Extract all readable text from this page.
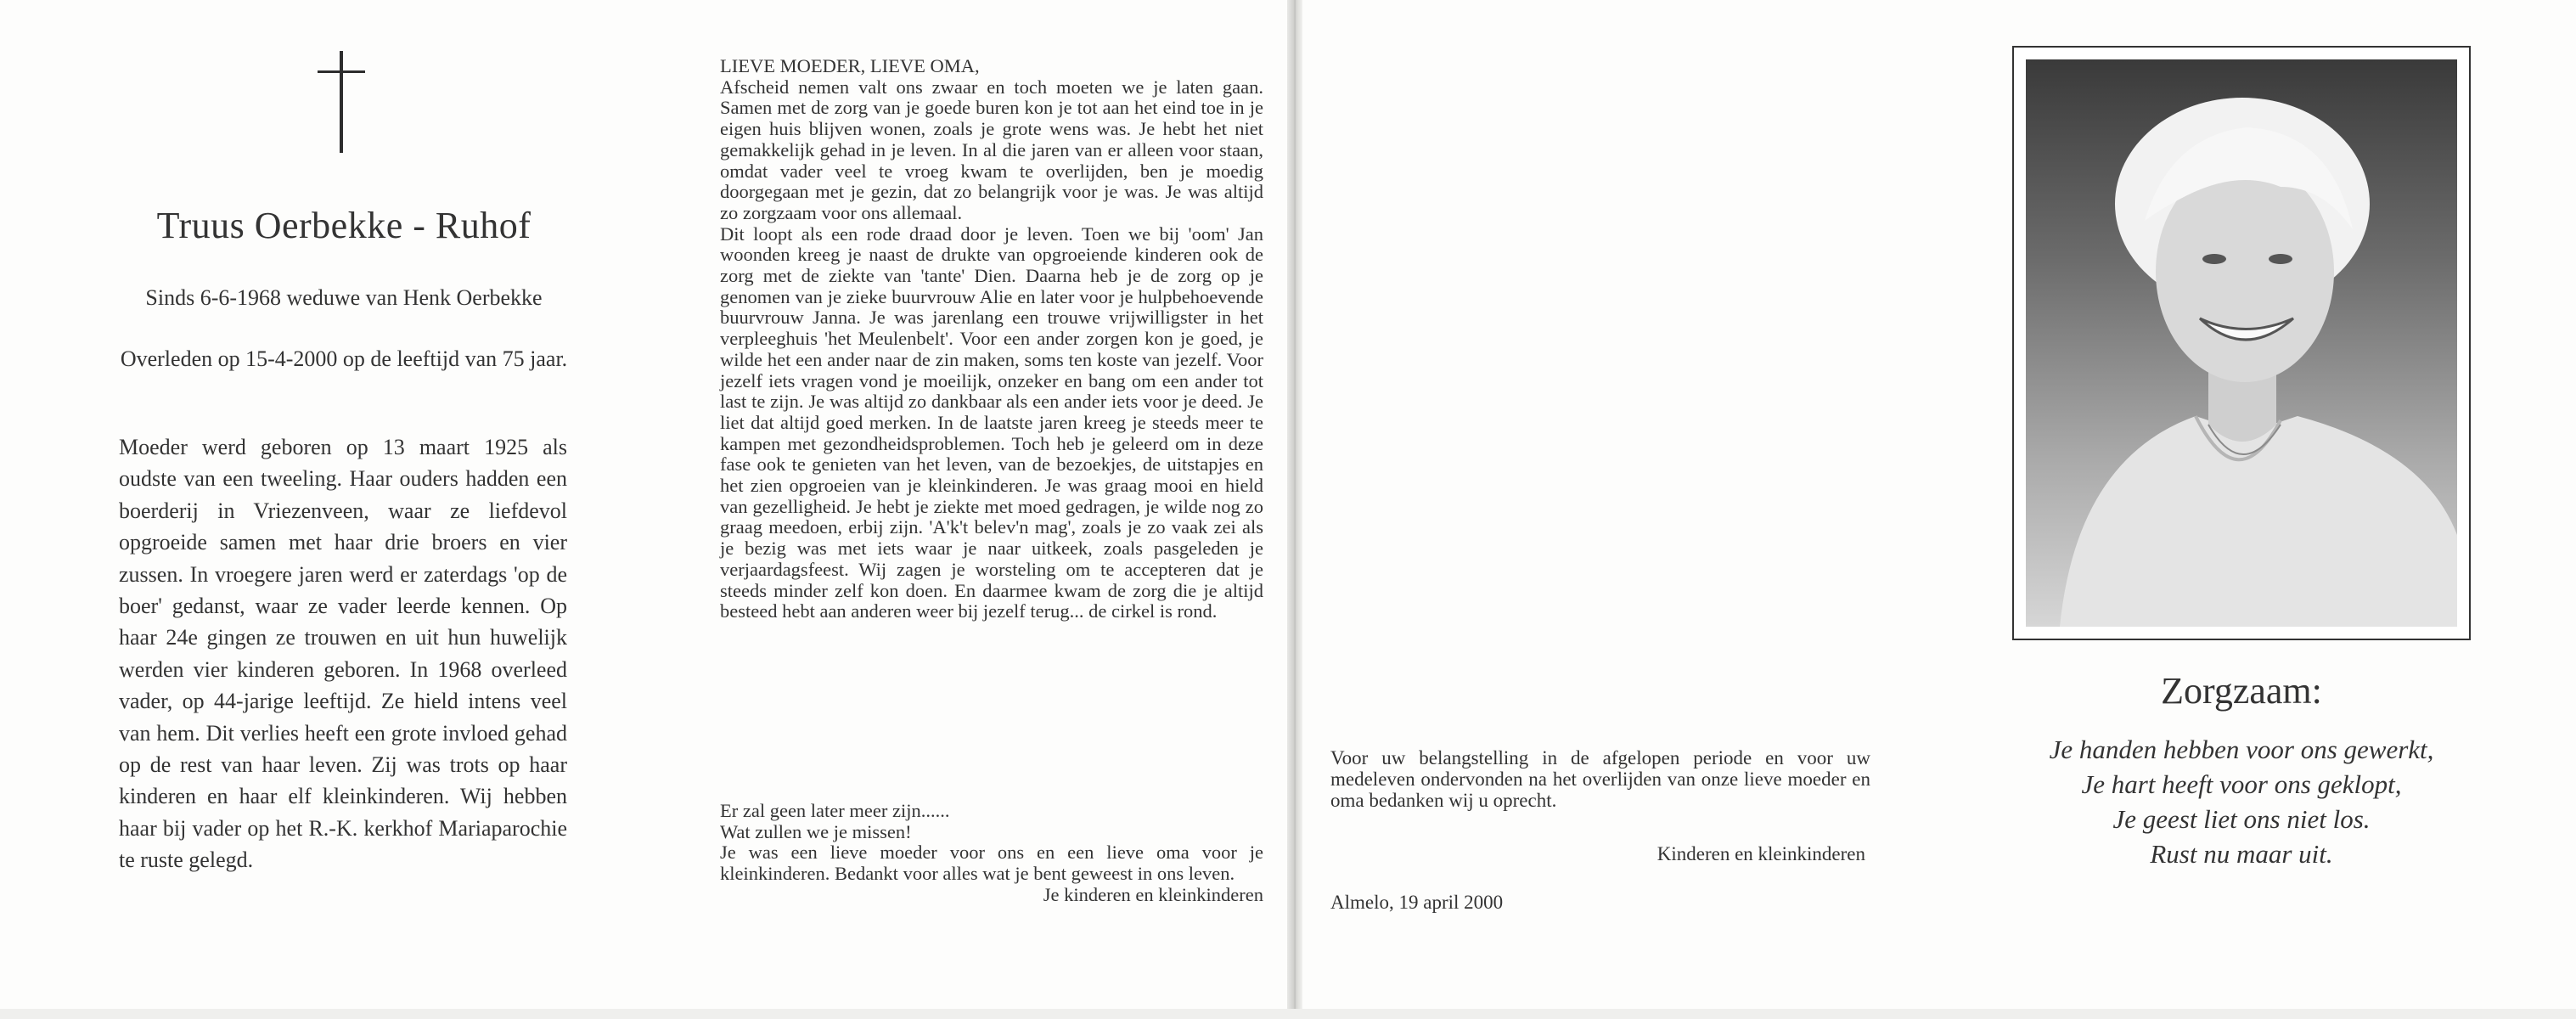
Truus Oerbekke - Ruhof
Sinds 6-6-1968 weduwe van Henk Oerbekke
Overleden op 15-4-2000 op de leeftijd van 75 jaar.
Moeder werd geboren op 13 maart 1925 als oudste van een tweeling. Haar ouders hadden een boerderij in Vriezenveen, waar ze liefdevol opgroeide samen met haar drie broers en vier zussen. In vroegere jaren werd er zaterdags 'op de boer' gedanst, waar ze vader leerde kennen. Op haar 24e gingen ze trouwen en uit hun huwelijk werden vier kinderen geboren. In 1968 overleed vader, op 44-jarige leeftijd. Ze hield intens veel van hem. Dit verlies heeft een grote invloed gehad op de rest van haar leven. Zij was trots op haar kinderen en haar elf kleinkinderen. Wij hebben haar bij vader op het R.-K. kerkhof Mariaparochie te ruste gelegd.

LIEVE MOEDER, LIEVE OMA,

Afscheid nemen valt ons zwaar en toch moeten we je laten gaan. Samen met de zorg van je goede buren kon je tot aan het eind toe in je eigen huis blijven wonen, zoals je grote wens was. Je hebt het niet gemakkelijk gehad in je leven. In al die jaren van er alleen voor staan, omdat vader veel te vroeg kwam te overlijden, ben je moedig doorgegaan met je gezin, dat zo belangrijk voor je was. Je was altijd zo zorgzaam voor ons allemaal.

Dit loopt als een rode draad door je leven. Toen we bij 'oom' Jan woonden kreeg je naast de drukte van opgroeiende kinderen ook de zorg met de ziekte van 'tante' Dien. Daarna heb je de zorg op je genomen van je zieke buurvrouw Alie en later voor je hulpbehoevende buurvrouw Janna. Je was jarenlang een trouwe vrijwilligster in het verpleeghuis 'het Meulenbelt'. Voor een ander zorgen kon je goed, je wilde het een ander naar de zin maken, soms ten koste van jezelf. Voor jezelf iets vragen vond je moeilijk, onzeker en bang om een ander tot last te zijn. Je was altijd zo dankbaar als een ander iets voor je deed. Je liet dat altijd goed merken. In de laatste jaren kreeg je steeds meer te kampen met gezondheidsproblemen. Toch heb je geleerd om in deze fase ook te genieten van het leven, van de bezoekjes, de uitstapjes en het zien opgroeien van je kleinkinderen. Je was graag mooi en hield van gezelligheid. Je hebt je ziekte met moed gedragen, je wilde nog zo graag meedoen, erbij zijn. 'A'k't belev'n mag', zoals je zo vaak zei als je bezig was met iets waar je naar uitkeek, zoals pasgeleden je verjaardagsfeest. Wij zagen je worsteling om te accepteren dat je steeds minder zelf kon doen. En daarmee kwam de zorg die je altijd besteed hebt aan anderen weer bij jezelf terug... de cirkel is rond.

Er zal geen later meer zijn......

Wat zullen we je missen!

Je was een lieve moeder voor ons en een lieve oma voor je kleinkinderen. Bedankt voor alles wat je bent geweest in ons leven.

Je kinderen en kleinkinderen

Voor uw belangstelling in de afgelopen periode en voor uw medeleven ondervonden na het overlijden van onze lieve moeder en oma bedanken wij u oprecht.
Kinderen en kleinkinderen
Almelo, 19 april 2000
Zorgzaam:
Je handen hebben voor ons gewerkt,
Je hart heeft voor ons geklopt,
Je geest liet ons niet los.
Rust nu maar uit.
